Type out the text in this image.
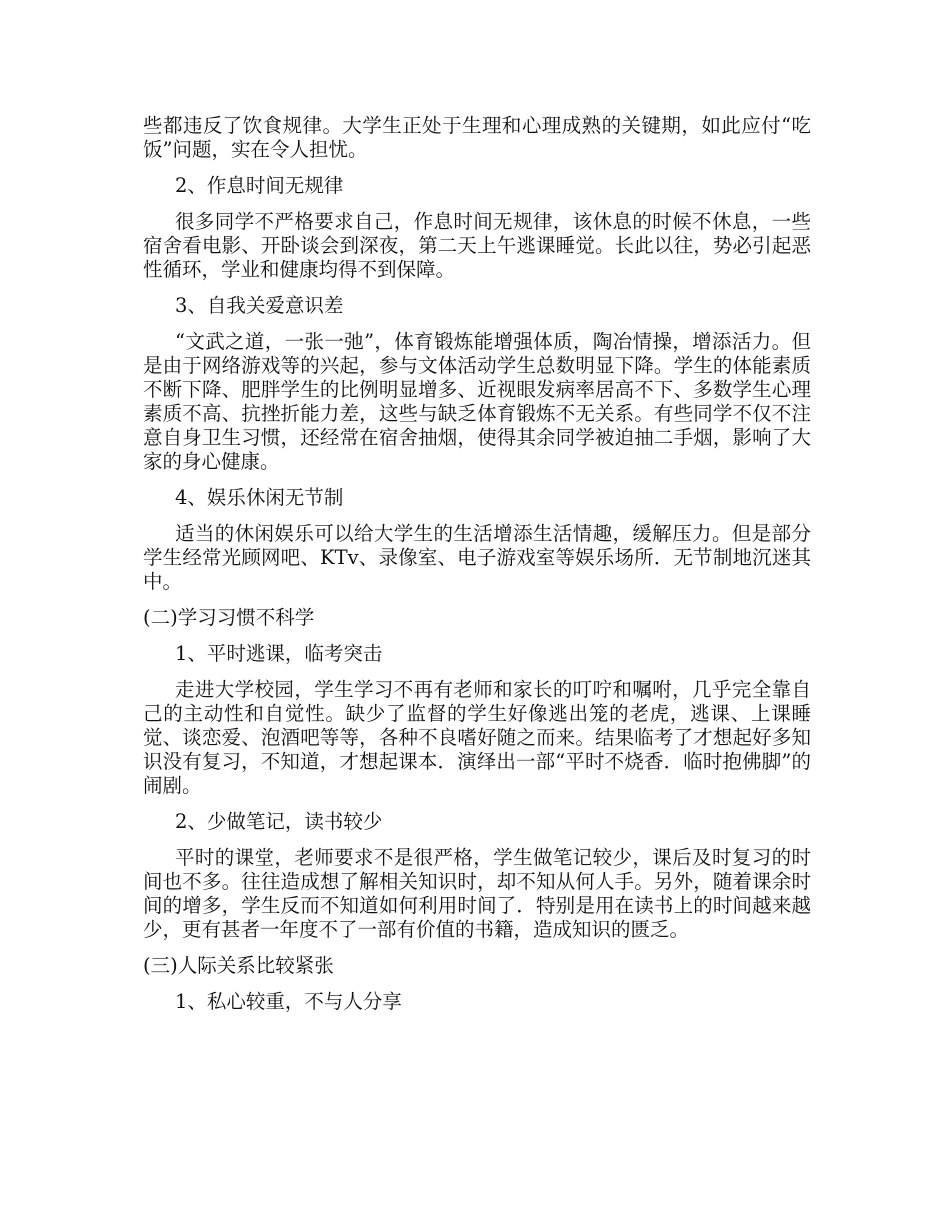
些都违反了饮食规律。大学生正处于生理和心理成熟的关键期，如此应付“吃饭”问题，实在令人担忧。

2、作息时间无规律

很多同学不严格要求自己，作息时间无规律，该休息的时候不休息，一些宿舍看电影、开卧谈会到深夜，第二天上午逃课睡觉。长此以往，势必引起恶性循环，学业和健康均得不到保障。

3、自我关爱意识差

“文武之道，一张一弛”，体育锻炼能增强体质，陶冶情操，增添活力。但是由于网络游戏等的兴起，参与文体活动学生总数明显下降。学生的体能素质不断下降、肥胖学生的比例明显增多、近视眼发病率居高不下、多数学生心理素质不高、抗挫折能力差，这些与缺乏体育锻炼不无关系。有些同学不仅不注意自身卫生习惯，还经常在宿舍抽烟，使得其余同学被迫抽二手烟，影响了大家的身心健康。

4、娱乐休闲无节制

适当的休闲娱乐可以给大学生的生活增添生活情趣，缓解压力。但是部分学生经常光顾网吧、KTv、录像室、电子游戏室等娱乐场所．无节制地沉迷其中。

(二)学习习惯不科学

1、平时逃课，临考突击

走进大学校园，学生学习不再有老师和家长的叮咛和嘱咐，几乎完全靠自己的主动性和自觉性。缺少了监督的学生好像逃出笼的老虎，逃课、上课睡觉、谈恋爱、泡酒吧等等，各种不良嗜好随之而来。结果临考了才想起好多知识没有复习，不知道，才想起课本．演绎出一部“平时不烧香．临时抱佛脚”的闹剧。

2、少做笔记，读书较少

平时的课堂，老师要求不是很严格，学生做笔记较少，课后及时复习的时间也不多。往往造成想了解相关知识时，却不知从何人手。另外，随着课余时间的增多，学生反而不知道如何利用时间了．特别是用在读书上的时间越来越少，更有甚者一年度不了一部有价值的书籍，造成知识的匮乏。

(三)人际关系比较紧张

1、私心较重，不与人分享
